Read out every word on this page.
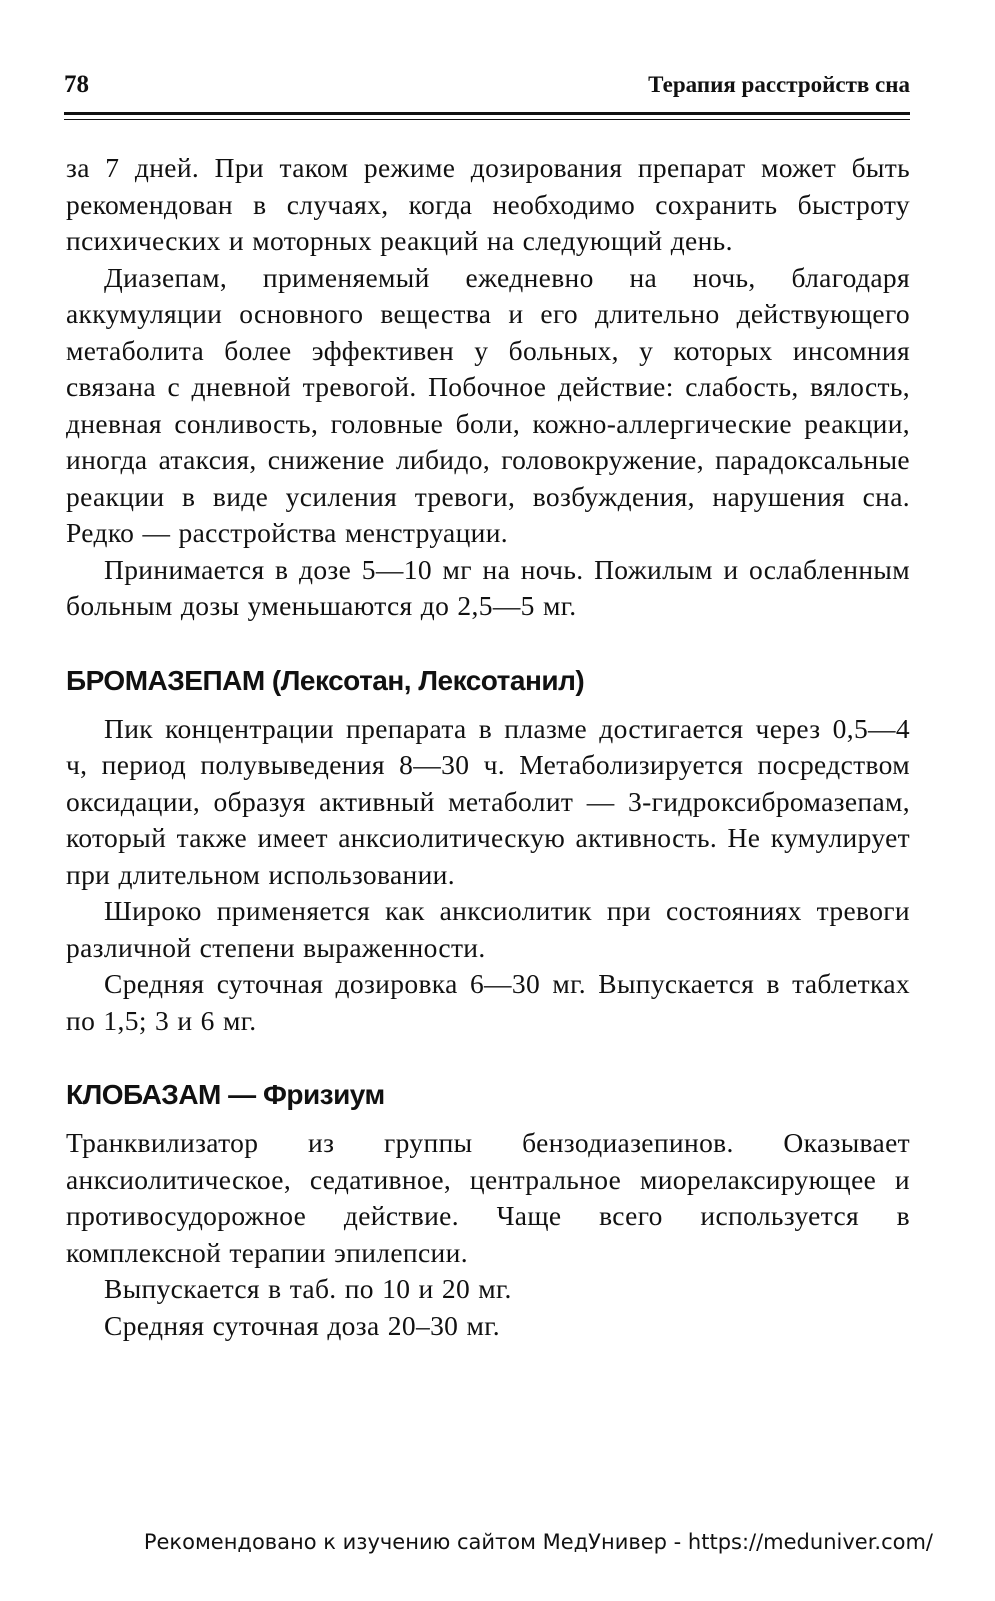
78	Терапия расстройств сна

за 7 дней. При таком режиме дозирования препарат может быть рекомендован в случаях, когда необходимо сохранить быстроту психических и моторных реакций на следующий день.

Диазепам, применяемый ежедневно на ночь, благодаря аккумуляции основного вещества и его длительно действующего метаболита более эффективен у больных, у которых инсомния связана с дневной тревогой. Побочное действие: слабость, вялость, дневная сонливость, головные боли, кожно-аллергические реакции, иногда атаксия, снижение либидо, головокружение, парадоксальные реакции в виде усиления тревоги, возбуждения, нарушения сна. Редко — расстройства менструации.

Принимается в дозе 5—10 мг на ночь. Пожилым и ослабленным больным дозы уменьшаются до 2,5—5 мг.

БРОМАЗЕПАМ (Лексотан, Лексотанил)

Пик концентрации препарата в плазме достигается через 0,5—4 ч, период полувыведения 8—30 ч. Метаболизируется посредством оксидации, образуя активный метаболит — 3-гидроксибромазепам, который также имеет анксиолитическую активность. Не кумулирует при длительном использовании.

Широко применяется как анксиолитик при состояниях тревоги различной степени выраженности.

Средняя суточная дозировка 6—30 мг. Выпускается в таблетках по 1,5; 3 и 6 мг.

КЛОБАЗАМ — Фризиум

Транквилизатор из группы бензодиазепинов. Оказывает анксиолитическое, седативное, центральное миорелаксирующее и противосудорожное действие. Чаще всего используется в комплексной терапии эпилепсии.

Выпускается в таб. по 10 и 20 мг.

Средняя суточная доза 20–30 мг.

Рекомендовано к изучению сайтом МедУнивер - https://meduniver.com/
